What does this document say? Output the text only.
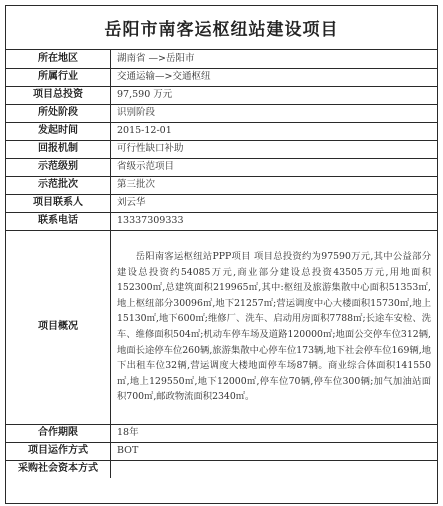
岳阳市南客运枢纽站建设项目
所在地区	湖南省 —>岳阳市
所属行业	交通运输—>交通枢纽
项目总投资	97,590 万元
所处阶段	识别阶段
发起时间	2015-12-01
回报机制	可行性缺口补助
示范级别	省级示范项目
示范批次	第三批次
项目联系人	刘云华
联系电话	13337309333
项目概况	岳阳南客运枢纽站PPP项目 项目总投资约为97590万元,其中公益部分建设总投资约54085万元,商业部分建设总投资43505万元,用地面积152300㎡,总建筑面积219965㎡,其中:枢纽及旅游集散中心面积51353㎡,地上枢纽部分30096㎡,地下21257㎡;营运调度中心大楼面积15730㎡,地上15130㎡,地下600㎡;维修厂、洗车、启动用房面积7788㎡;长途车安检、洗车、维修面积504㎡;机动车停车场及道路120000㎡;地面公交停车位312辆,地面长途停车位260辆,旅游集散中心停车位173辆,地下社会停车位169辆,地下出租车位32辆,营运调度大楼地面停车场87辆。商业综合体面积141550㎡,地上129550㎡,地下12000㎡,停车位70辆,停车位300辆;加气加油站面积700㎡,邮政物流面积2340㎡。

合作期限	18年
项目运作方式	BOT
采购社会资本方式	
